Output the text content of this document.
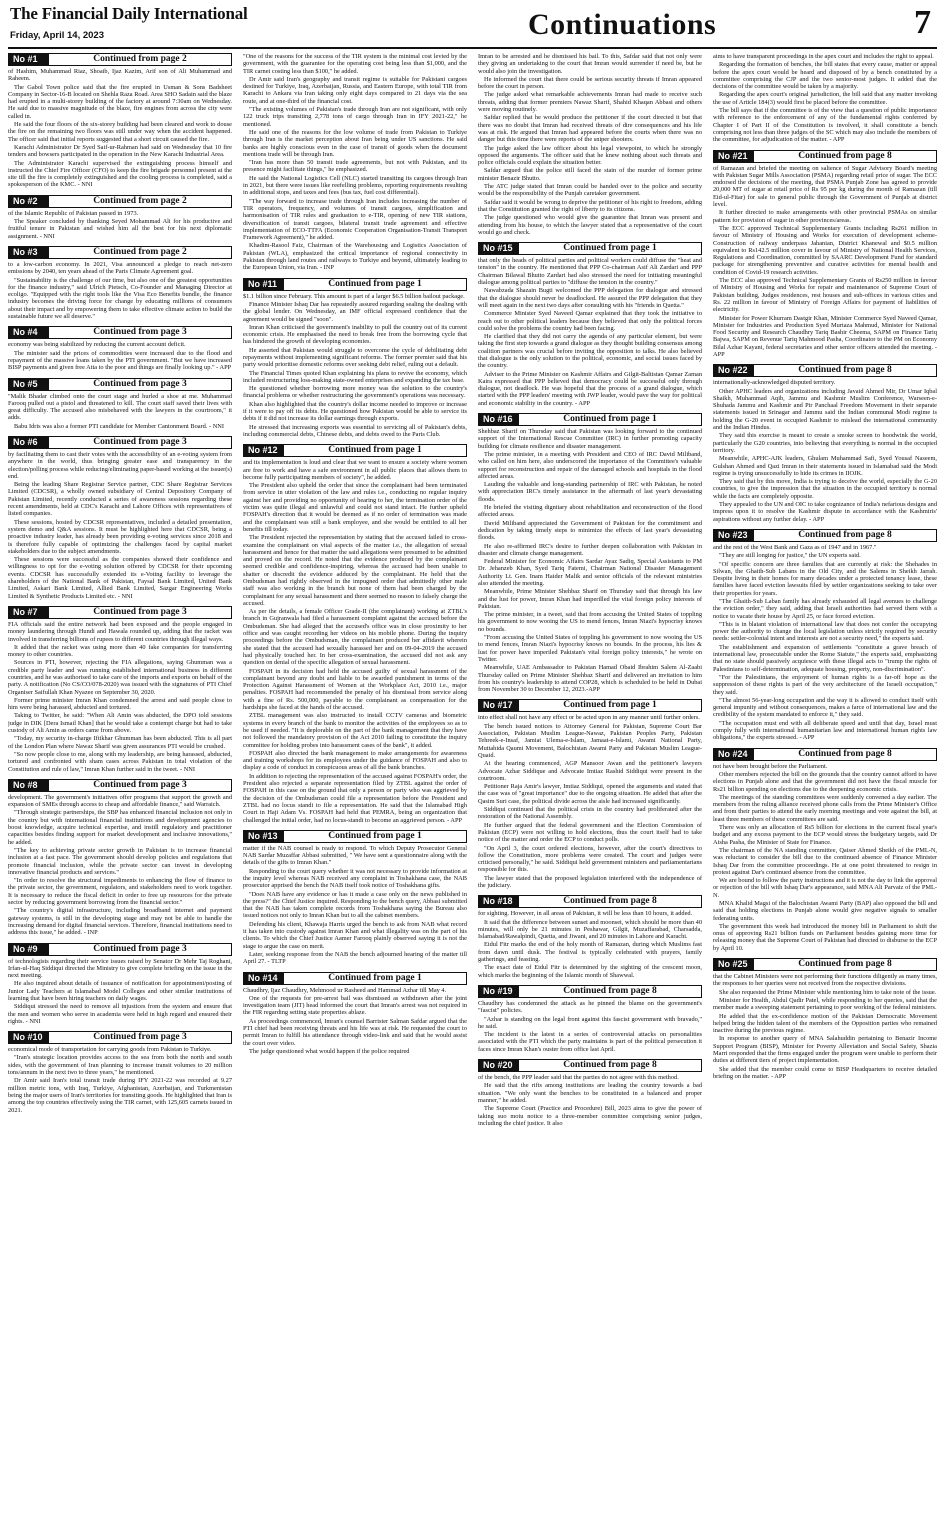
The Financial Daily International
Friday, April 14, 2023	Continuations	7
No #1	Continued from page 2

of Hashim, Muhammad Riaz, Shoaib, Ijaz Kazim, Arif son of Ali Muhammad and Raheem.

The Gabol Town police said that the fire erupted in Usman & Sons Badsheet Company in Sector-16-B located on Shehla Raza Road. Area SHO Sadain said the blaze had erupted in a multi-storey building of the factory at around 7:30am on Wednesday. He said due to massive magnitude of the blaze, fire engines from across the city were called in.

He said the four floors of the six-storey building had been cleared and work to douse the fire on the remaining two floors was still under way when the accident happened. The officer said that initial reports suggested that a short circuit caused the fire.

Karachi Administrator Dr Syed Saif-ur-Rahman had said on Wednesday that 10 fire tenders and bowsers participated in the operation in the New Karachi Industrial Area.

The Administrator Karachi supervised the extinguishing process himself and instructed the Chief Fire Officer (CFO) to keep the fire brigade personnel present at the site till the fire is completely extinguished and the cooling process is completed, said a spokesperson of the KMC. - NNI

No #2	Continued from page 2

of the Islamic Republic of Pakistan passed in 1973.

The Speaker concluded by thanking Seyed Mohammad Ali for his productive and fruitful tenure in Pakistan and wished him all the best for his next diplomatic assignment. - NNI

No #3	Continued from page 2

to a low-carbon economy. In 2021, Visa announced a pledge to reach net-zero emissions by 2040, ten years ahead of the Paris Climate Agreement goal.

"Sustainability is the challenge of our time, but also one of the greatest opportunities for the finance industry," said Ulrich Pietsch, Co-Founder and Managing Director at ecoligo. "Equipped with the right tools like the Visa Eco Benefits bundle, the finance industry becomes the driving force for change by educating millions of consumers about their impact and by empowering them to take effective climate action to build the sustainable future we all deserve."

No #4	Continued from page 3

economy was being stabilized by reducing the current account deficit.

The minister said the prices of commodities were increased due to the flood and repayment of the massive loans taken by the PTI government. "But we have increased BISP payments and given free Atta to the poor and things are finally looking up." - APP

No #5	Continued from page 3

"Malik Bhadar climbed onto the court stage and hurled a shoe at me. Muhammad Farooq pulled out a pistol and threatened to kill. The court staff saved their lives with great difficulty. The accused also misbehaved with the lawyers in the courtroom," it adds.

Babu Idris was also a former PTI candidate for Member Cantonment Board. - NNI

No #6	Continued from page 3

by facilitating them to cast their votes with the accessibility of an e-voting system from anywhere in the world, thus bringing greater ease and transparency in the election/polling process while reducing/eliminating paper-based working at the issuer(s) end.

Being the leading Share Registrar Service partner, CDC Share Registrar Services Limited (CDCSR), a wholly owned subsidiary of Central Depository Company of Pakistan Limited, recently conducted a series of awareness sessions regarding these recent amendments, held at CDC's Karachi and Lahore Offices with representatives of listed companies.

These sessions, hosted by CDCSR representatives, included a detailed presentation, system demo and Q&A sessions. It must be highlighted here that CDCSR, being a proactive industry leader, has already been providing e-voting services since 2018 and is therefore fully capable of optimizing the challenges faced by capital market stakeholders due to the subject amendments.

These sessions were successful as the companies showed their confidence and willingness to opt for the e-voting solution offered by CDCSR for their upcoming events. CDCSR has successfully extended its e-Voting facility to leverage the shareholders of the National Bank of Pakistan, Faysal Bank Limited, United Bank Limited, Askari Bank Limited, Allied Bank Limited, Sazgar Engineering Works Limited & Synthetic Products Limited etc. - NNI

No #7	Continued from page 3

FIA officials said the entire network had been exposed and the people engaged in money laundering through Hundi and Hawala rounded up, adding that the racket was involved in transferring billions of rupees to different countries through illegal ways.

It added that the racket was using more than 40 fake companies for transferring money to other countries.

Sources in PTI, however, rejecting the FIA allegations, saying Ghumman was a credible party leader and was running established international business in different countries, and he was authorised to take care of the imports and exports on behalf of the party. A notification (No CS/CO/078-2020) was issued with the signatures of PTI Chief Organiser Saifullah Khan Nyazee on September 30, 2020.

Former prime minister Imran Khan condemned the arrest and said people close to him were being harassed, abducted and tortured.

Taking to Twitter, he said: "When Ali Amin was abducted, the DPO told sessions judge in DIK [Dera Ismail Khan] that he would take a contempt charge but had to take custody of Ali Amin as orders came from above.

"Today, my security in-charge Iftikhar Ghumman has been abducted. This is all part of the London Plan where Nawaz Sharif was given assurances PTI would be crushed.

"So now people close to me, along with my leadership, are being harassed, abducted, tortured and confronted with sham cases across Pakistan in total violation of the Constitution and rule of law," Imran Khan further said in the tweet. - NNI

No #8	Continued from page 3

development. The government's initiatives offer programs that support the growth and expansion of SMEs through access to cheap and affordable finance," said Warraich.

"Through strategic partnerships, the SBP has enhanced financial inclusion not only in the country but with international financial institutions and development agencies to boost knowledge, acquire technical expertise, and instill regulatory and practitioner capacities besides finding support for market development and inclusive innovations," he added.

"The key to achieving private sector growth in Pakistan is to increase financial inclusion at a fast pace. The government should develop policies and regulations that promote financial inclusion, while the private sector can invest in developing innovative financial products and services."

"In order to resolve the structural impediments to enhancing the flow of finance to the private sector, the government, regulators, and stakeholders need to work together. It is necessary to reduce the fiscal deficit in order to free up resources for the private sector by reducing government borrowing from the financial sector."

"The country's digital infrastructure, including broadband internet and payment gateway systems, is still in the developing stage and may not be able to handle the increasing demand for digital financial services. Therefore, financial institutions need to address this issue," he added. - INP

No #9	Continued from page 3

of technologists regarding their service issues raised by Senator Dr Mehr Taj Roghani, Irfan-ul-Haq Siddiqui directed the Ministry to give complete briefing on the issue in the next meeting.

He also inquired about details of issuance of notification for appointment/posting of Junior Lady Teachers at Islamabad Model Colleges and other similar institutions of learning that have been hiring teachers on daily wages.

Siddiqui stressed the need to remove all injustices from the system and ensure that the men and women who serve in academia were held in high regard and ensured their rights. - NNI

No #10	Continued from page 3

economical mode of transportation for carrying goods from Pakistan to Turkiye.

"Iran's strategic location provides access to the sea from both the north and south sides, with the government of Iran planning to increase transit volumes to 20 million tons/annum in the next two to three years," he mentioned.

Dr Amir said Iran's total transit trade during IFY 2021-22 was recorded at 9.27 million metric tons, with Iraq, Turkiye, Afghanistan, Azerbaijan, and Turkmenistan being the major users of Iran's territories for transiting goods. He highlighted that Iran is among the top countries effectively using the TIR carnet, with 125,605 carnets issued in 2021.

"One of the reasons for the success of the TIR system is the minimal cost levied by the government, with the guarantee for the operating cost being less than $1,000, and the TIR carnet costing less than $100," he added.

Dr Amir said Iran's geography and transit regime is suitable for Pakistani cargoes destined for Turkiye, Iraq, Azerbaijan, Russia, and Eastern Europe, with total TIR from Karachi to Ankara via Iran taking only eight days compared to 21 days via the sea route, and at one-third of the financial cost.

"The existing volumes of Pakistan's trade through Iran are not significant, with only 122 truck trips transiting 2,778 tons of cargo through Iran in IFY 2021-22," he mentioned.

He said one of the reasons for the low volume of trade from Pakistan to Turkiye through Iran is the market perception about Iran being under US sanctions. He said banks are highly conscious even in the case of transit of goods when the document mentions trade will be through Iran.

"Iran has more than 50 transit trade agreements, but not with Pakistan, and its presence might facilitate things," he emphasized.

He said the National Logistics Cell (NLC) started transiting its cargoes through Iran in 2021, but there were issues like reefelling problems, reporting requirements resulting in additional stops, and taxes and fees (bus tax, fuel cost differential).

"The way forward to increase trade through Iran includes increasing the number of TIR operators, frequency, and volumes of transit cargoes, simplification and harmonisation of TIR rules and graduation to e-TIR, opening of new TIR stations, diversification of transit cargoes, bilateral transit trade agreement and effective implementation of ECO-TTFA (Economic Cooperation Organisation-Transit Transport Framework Agreement)," he added.

Khadim-Rasool Faiz, Chairman of the Warehousing and Logistics Association of Pakistan (WLA), emphasized the critical importance of regional connectivity in Pakistan through land routes and railways to Turkiye and beyond, ultimately leading to the European Union, via Iran. - INP

No #11	Continued from page 1

$1.1 billion since February. This amount is part of a larger $6.5 billion bailout package.

Finance Minister Ishaq Dar has repeatedly assured regarding sealing the dealing with the global lender. On Wednesday, an IMF official expressed confidence that the agreement would be signed "soon".

Imran Khan criticised the government's inability to pull the country out of its current economic crisis. He emphasised the need to break free from the borrowing cycle that has hindered the growth of developing economies.

He asserted that Pakistan would struggle to overcome the cycle of debilitating debt repayments without implementing significant reforms. The former premier said that his party would prioritise domestic reforms over seeking debt relief, ruling out a default.

The Financial Times quoted Khan explaining his plans to revive the economy, which included restructuring loss-making state-owned enterprises and expanding the tax base.

He questioned whether borrowing more money was the solution to the country's financial problems or whether restructuring the government's operations was necessary.

Khan also highlighted that the country's dollar income needed to improve or increase if it were to pay off its debts. He questioned how Pakistan would be able to service its debts if it did not increase its dollar earnings through exports.

He stressed that increasing exports was essential to servicing all of Pakistan's debts, including commercial debts, Chinese debts, and debts owed to the Paris Club.

No #12	Continued from page 1

and its implementation is loud and clear that we want to ensure a society where women are free to work and have a safe environment in all public places that allows them to become fully participating members of society", he added.

The President also upheld the order that since the complainant had been terminated from service in utter violation of the law and rules i.e., conducting no regular inquiry against her and providing no opportunity of hearing to her, the termination order of the victim was quite illegal and unlawful and could not stand intact. He further upheld FOSPAH's direction that it would be deemed as if no order of termination was made and the complainant was still a bank employee, and she would be entitled to all her benefits till today.

The President rejected the representation by stating that the accused failed to cross-examine the complainant on vital aspects of the matter i.e., the allegation of sexual harassment and hence for that matter the said allegations were presumed to be admitted and proved on the record. He noted that the evidence produced by the complainant seemed credible and confidence-inspiring, whereas the accused had been unable to shatter or discredit the evidence adduced by the complainant. He held that the Ombudsman had rightly observed in the impugned order that admittedly other male staff was also working in the branch but none of them had been charged by the complainant for any sexual harassment and there seemed no reason to falsely charge the accused.

As per the details, a female Officer Grade-II (the complainant) working at ZTBL's branch in Gujranwala had filed a harassment complaint against the accused before the Ombudsman. She had alleged that the accused's office was in close proximity to her office and was caught recording her videos on his mobile phone. During the inquiry proceedings before the Ombudsman, the complainant produced her affidavit wherein she stated that the accused had sexually harassed her and on 09-04-2019 the accused had physically touched her. In her cross-examination, the accused did not ask any question on denial of the specific allegation of sexual harassment.

FOSPAH in its decision had held the accused guilty of sexual harassment of the complainant beyond any doubt and liable to be awarded punishment in terms of the Protection Against Harassment of Women at the Workplace Act, 2010 i.e., major penalties. FOSPAH had recommended the penalty of his dismissal from service along with a fine of Rs. 500,000, payable to the complainant as compensation for the hardships she faced at the hands of the accused.

ZTBL management was also instructed to install CCTV cameras and biometric systems in every branch of the bank to monitor the activities of the employees so as to be used if needed. "It is deplorable on the part of the bank management that they have not followed the mandatory provision of the Act 2010 failing to constitute the inquiry committee for holding probes into harassment cases of the bank", it added.

FOSPAH also directed the bank management to make arrangements for awareness and training workshops for its employees under the guidance of FOSPAH and also to display a code of conduct in conspicuous areas of all the bank branches.

In addition to rejecting the representation of the accused against FOSPAH's order, the President also rejected a separate representation filed by ZTBL against the order of FOSPAH in this case on the ground that only a person or party who was aggrieved by the decision of the Ombudsman could file a representation before the President and ZTBL had no locus standi to file a representation. He said that the Islamabad High Court in Haji Adam Vs. FOSPAH had held that PEMRA, being an organization that challenged the initial order, had no locus-standi to become an aggrieved person. - APP

No #13	Continued from page 1

matter if the NAB counsel is ready to respond. To which Deputy Prosecutor General NAB Sardar Muzaffar Abbasi submitted, " We have sent a questionnaire along with the details of the gifts to Imran Khan."

Responding to the court query whether it was not necessary to provide information at the inquiry level whereas NAB received any complaint in Toshakhana case, the NAB prosecutor apprised the bench the NAB itself took notice of Toshakhana gifts.

"Does NAB have any evidence or has it made a case only on the news published in the press?" the Chief Justice inquired. Responding to the bench query, Abbasi submitted that the NAB has taken complete records from Toshakhana saying the Bureau also issued notices not only to Imran Khan but to all the cabinet members.

Defending his client, Khawaja Harris urged the bench to ask from NAB what record it has taken into custody against Imran Khan and what illegality was on the part of his clients. To which the Chief Justice Aamer Farooq plainly observed saying it is not the stage to argue the case on merit.

Later, seeking response from the NAB the bench adjourned hearing of the matter till April 27. - TLTP

No #14	Continued from page 1

Chaudhry, Ijaz Chaudhry, Mehmood ur Rasheed and Hammad Azhar till May 4.

One of the requests for pre-arrest bail was dismissed as withdrawn after the joint investigation team (JIT) head informed the court that Imran's arrest was not required in the FIR regarding setting state properties ablaze.

As proceedings commenced, Imran's counsel Barrister Salman Safdar argued that the PTI chief had been receiving threats and his life was at risk. He requested the court to permit Imran to fulfill his attendance through video-link and said that he would assist the court over video.

The judge questioned what would happen if the police required

Imran to be arrested and he dismissed his bail. To this, Safdar said that not only were they giving an undertaking to the court that Imran would surrender if need be, but he would also join the investigation.

He informed the court that there could be serious security threats if Imran appeared before the court in person.

The judge asked what remarkable achievements Imran had made to receive such threats, adding that former premiers Nawaz Sharif, Shahid Khaqan Abbasi and others were moving routinely.

Safdar replied that he would produce the petitioner if the court directed it but that there was no doubt that Imran had received threats of dire consequences and his life was at risk. He argued that Imran had appeared before the courts when there was no danger but this time there were reports of the sniper shooters.

The judge asked the law officer about his legal viewpoint, to which he strongly opposed the arguments. The officer said that he knew nothing about such threats and police officials could explain the situation better.

Safdar argued that the police still faced the stain of the murder of former prime minister Benazir Bhutto.

The ATC judge stated that Imran could be handed over to the police and security would be the responsibility of the Punjab caretaker government.

Safdar said it would be wrong to deprive the petitioner of his right to freedom, adding that the Constitution granted the right of liberty to its citizens.

The judge questioned who would give the guarantee that Imran was present and attending from his house, to which the lawyer stated that a representative of the court would go and check.

No #15	Continued from page 1

that only the heads of political parties and political workers could diffuse the "heat and tension" in the country. He mentioned that PPP Co-chairman Asif Ali Zardari and PPP Chairman Bilawal Bhutto Zardari had also stressed the need for initiating meaningful dialogue among political parties to "diffuse the tension in the country."

Nawabzada Shazain Bugti welcomed the PPP delegation for dialogue and stressed that the dialogue should never be deadlocked. He assured the PPP delegation that they will meet again in the next two days after consulting with his "friends in Quetta."

Commerce Minister Syed Naveed Qamar explained that they took the initiative to reach out to other political leaders because they believed that only the political forces could solve the problems the country had been facing.

He clarified that they did not carry the agenda of any particular element, but were taking the first step towards a grand dialogue as they thought building consensus among coalition partners was crucial before inviting the opposition to talks. He also believed that dialogue is the only solution to the political, economic, and social issues faced by the country.

Adviser to the Prime Minister on Kashmir Affairs and Gilgit-Baltistan Qamar Zaman Kaira expressed that PPP believed that democracy could be successful only through dialogue, not deadlock. He was hopeful that the process of a grand dialogue, which started with the PPP leaders' meeting with JWP leader, would pave the way for political and economic stability in the country. - APP

No #16	Continued from page 1

Shehbaz Sharif on Thursday said that Pakistan was looking forward to the continued support of the International Rescue Committee (IRC) in further promoting capacity building for climate resilience and disaster management.

The prime minister, in a meeting with President and CEO of IRC David Miliband, who called on him here, also underscored the importance of the Committee's valuable support for reconstruction and repair of the damaged schools and hospitals in the flood affected areas.

Lauding the valuable and long-standing partnership of IRC with Pakistan, he noted with appreciation IRC's timely assistance in the aftermath of last year's devastating floods.

He briefed the visiting dignitary about rehabilitation and reconstruction of the flood affected areas.

David Miliband appreciated the Government of Pakistan for the commitment and dedication by taking timely steps to minimize the effects of last year's devastating floods.

He also re-affirmed IRC's desire to further deepen collaboration with Pakistan in disaster and climate change management.

Federal Minister for Economic Affairs Sardar Ayaz Sadiq, Special Assistants to PM Dr. Jehanzeb Khan, Syed Tariq Fatemi, Chairman National Disaster Management Authority Lt. Gen. Inam Haider Malik and senior officials of the relevant ministries also attended the meeting.

Meanwhile, Prime Minister Shehbaz Sharif on Thursday said that through his law and the lust for power, Imran Khan had imperilled the vital foreign policy interests of Pakistan.

The prime minister, in a tweet, said that from accusing the United States of toppling his government to now wooing the US to mend fences, Imran Niazi's hypocrisy knows no bounds.

"From accusing the United States of toppling his government to now wooing the US to mend fences, Imran Niazi's hypocrisy knows no bounds. In the process, his lies & lust for power have imperiled Pakistan's vital foreign policy interests," he wrote on Twitter.

Meanwhile, UAE Ambassador to Pakistan Hamad Obaid Ibrahim Salem Al-Zaabi Thursday called on Prime Minister Shehbaz Sharif and delivered an invitation to him from his country's leadership to attend COP28, which is scheduled to be held in Dubai from November 30 to December 12, 2023.-APP

No #17	Continued from page 1

into effect shall not have any effect or be acted upon in any manner until further orders.

The bench issued notices to Attorney General for Pakistan, Supreme Court Bar Association, Pakistan Muslim League-Nawaz, Pakistan Peoples Party, Pakistan Tehreek-e-Insaf, Jamiat Ulema-e-Islam, Jamaat-e-Islami, Awami National Party, Muttahida Qaumi Movement, Balochistan Awami Party and Pakistan Muslim League-Quaid.

At the hearing commenced, AGP Mansoor Awan and the petitioner's lawyers Advocate Azhar Siddique and Advocate Imtiaz Rashid Siddiqui were present in the courtroom.

Petitioner Raja Amir's lawyer, Imtiaz Siddiqui, opened the arguments and stated that the case was of "great importance" due to the ongoing situation. He added that after the Qasim Suri case, the political divide across the aisle had increased significantly.

Siddiqui continued that the political crisis in the country had proliferated after the restoration of the National Assembly.

He further argued that the federal government and the Election Commission of Pakistan (ECP) were not willing to hold elections, thus the court itself had to take notice of the matter and order the ECP to conduct polls.

"On April 3, the court ordered elections, however, after the court's directives to follow the Constitution, more problems were created. The court and judges were criticised personally," he said. Siddiqui held government ministers and parliamentarians responsible for this.

The lawyer stated that the proposed legislation interfered with the independence of the judiciary.

No #18	Continued from page 8

for sighting. However, in all areas of Pakistan, it will be less than 10 hours, it added.

It said that the difference between sunset and moonset, which should be more than 40 minutes, will only be 21 minutes in Peshawar, Gilgit, Muzaffarabad, Charsadda, Islamabad/Rawalpindi, Quetta, and Jiwani, and 20 minutes in Lahore and Karachi.

Eidul Fitr marks the end of the holy month of Ramazan, during which Muslims fast from dawn until dusk. The festival is typically celebrated with prayers, family gatherings, and feasting.

The exact date of Eidul Fitr is determined by the sighting of the crescent moon, which marks the beginning of the Islamic month of Shawwal.

No #19	Continued from page 8

Chaudhry has condemned the attack as he pinned the blame on the government's "fascist" policies.

"Azhar is standing on the legal front against this fascist government with bravado," he said.

The incident is the latest in a series of controversial attacks on personalities associated with the PTI which the party maintains is part of the political persecution it faces since Imran Khan's ouster from office last April.

No #20	Continued from page 8

of the bench, the PPP leader said that the parties do not agree with this method.

He said that the rifts among institutions are leading the country towards a bad situation. "We only want the benches to be constituted in a balanced and proper manner," he added.

The Supreme Court (Practice and Procedure) Bill, 2023 aims to give the power of taking suo motu notice to a three-member committee comprising senior judges, including the chief justice. It also

aims to have transparent proceedings in the apex court and includes the right to appeal.

Regarding the formation of benches, the bill states that every cause, matter or appeal before the apex court would be heard and disposed of by a bench constituted by a committee comprising the CJP and the two senior-most judges. It added that the decisions of the committee would be taken by a majority.

Regarding the apex court's original jurisdiction, the bill said that any matter invoking the use of Article 184(3) would first be placed before the committee.

The bill says that if the committee is of the view that a question of public importance with reference to the enforcement of any of the fundamental rights conferred by Chapter I of Part II of the Constitution is involved, it shall constitute a bench comprising not less than three judges of the SC which may also include the members of the committee, for adjudication of the matter. - APP

No #21	Continued from page 8

of Ramazan and briefed the meeting on salience of Sugar Advisory Board's meeting with Pakistan Sugar Mills Association (PSMA) regarding retail price of sugar. The ECC endorsed the decisions of the meeting, that PSMA Punjab Zone has agreed to provide 20,000 MT of sugar at retail price of Rs 95 per kg during the month of Ramazan (till Eid-ul-Fitar) for sale to general public through the Government of Punjab at district level.

It further directed to make arrangements with other provincial PSMAs on similar pattern for provision of sugar in other provinces/areas.

The ECC approved Technical Supplementary Grants including Rs261 million in favour of Ministry of Housing and Works for execution of development scheme-Construction of railway underpass Jahanian, District Khanewal and $0.5 million equivalent to Rs142.5 million cover in favour of Ministry of National Health Services, Regulations and Coordination, committed by SAARC Development Fund for standard package for strengthening preventive and curative activities for mental health and condition of Covid-19 research activities.

The ECC also approved Technical Supplementary Grants of Rs250 million in favour of Ministry of Housing and Works for repair and maintenance of Supreme Court of Pakistan building, Judges residences, rest houses and sub-offices in various cities and Rs. 22 million in favour of Ministry of Foreign Affairs for payment of liabilities of electricity.

Minister for Power Khurram Dastgir Khan, Minister Commerce Syed Naveed Qamar, Minister for Industries and Production Syed Murtaza Mahmud, Minister for National Food Security and Research Chaudhry Tariq Bashir Cheema, SAPM on Finance Tariq Bajwa, SAPM on Revenue Tariq Mahmood Pasha, Coordinator to the PM on Economy Bilal Azhar Kayani, federal secretaries and other senior officers attended the meeting. - APP

No #22	Continued from page 8

internationally-acknowledged disputed territory.

Other APHC leaders and organizations including Javaid Ahmed Mir, Dr Umar Iqbal Shaikh, Muhammad Aqib, Jammu and Kashmir Muslim Conference, Warseen-e-Shuhada Jammu and Kashmir and Pir Panchaal Freedom Movement in their separate statements issued in Srinagar and Jammu said the Indian communal Modi regime is holding the G-20 event in occupied Kashmir to mislead the international community and the Indian Hindus.

They said this exercise is meant to create a smoke screen to hoodwink the world, particularly the G20 countries, into believing that everything is normal in the occupied territory.

Meanwhile, APHC-AJK leaders, Ghulam Muhammad Safi, Syed Yousaf Naseem, Gulshan Ahmed and Qazi Imran in their statements issued in Islamabad said the Modi regime is trying unsuccessfully to hide its crimes in IIOJK.

They said that by this move, India is trying to deceive the world, especially the G-20 countries, to give the impression that the situation in the occupied territory is normal while the facts are completely opposite.

They appealed to the UN and OIC to take cognizance of India's nefarious designs and impress upon it to resolve the Kashmir dispute in accordance with the Kashmiris' aspirations without any further delay. - APP

No #23	Continued from page 8

and the rest of the West Bank and Gaza as of 1947 and in 1967."

"They are still longing for justice," the UN experts said.

"Of specific concern are three families that are currently at risk: the Shehades in Silwan, the Ghaith-Sub Labans in the Old City, and the Salems in Sheikh Jarrah. Despite living in their homes for many decades under a protected tenancy lease, these families have faced eviction lawsuits filed by settler organizations seeking to take over their properties for years.

"The Ghaith-Sub Laban family has already exhausted all legal avenues to challenge the eviction order," they said, adding that Israeli authorities had served them with a notice to vacate their house by April 25, or face forced eviction.

"This is in blatant violation of international law that does not confer the occupying power the authority to change the local legislation unless strictly required by security needs: settler-colonial intent and interests are not a security need," the experts said.

The establishment and expansion of settlements "constitute a grave breach of international law, prosecutable under the Rome Statute," the experts said, emphasizing that no state should passively acquiesce with these illegal acts to "trump the rights of Palestinians to self-determination, adequate housing, property, non-discrimination".

"For the Palestinians, the enjoyment of human rights is a far-off hope as the suppression of these rights is part of the very architecture of the Israeli occupation," they said.

"The almost 56-year-long occupation and the way it is allowed to conduct itself with general impunity and without consequences, makes a farce of international law and the credibility of the system mandated to enforce it," they said.

"The occupation must end with all deliberate speed and until that day, Israel must comply fully with international humanitarian law and international human rights law obligations," the experts stressed. - APP

No #24	Continued from page 8

not have been brought before the Parliament.

Other members rejected the bill on the grounds that the country cannot afford to have elections in Punjab alone and that the government did not have the fiscal muscle for Rs21 billion spending on elections due to the deepening economic crisis.

The meetings of the standing committees were suddenly convened a day earlier. The members from the ruling alliance received phone calls from the Prime Minister's Office and from their parties to attend the early morning meetings and vote against the bill, at least three members of these committees are said.

There was only an allocation of Rs5 billion for elections in the current fiscal year's budget and any excess payment to the ECP would stress the budgetary targets, said Dr Aisha Pasha, the Minister of State for Finance.

The chairman of the NA standing committee, Qaiser Ahmed Sheikh of the PML-N, was reluctant to consider the bill due to the continued absence of Finance Minister Ishaq Dar from the committee proceedings. He at one point threatened to resign in protest against Dar's continued absence from the committee.

We are bound to follow the party instructions and it is not the day to link the approval or rejection of the bill with Ishaq Dar's appearance, said MNA Ali Parvaiz of the PML-N.

MNA Khalid Magsi of the Balochistan Awami Party (BAP) also opposed the bill and said that holding elections in Punjab alone would give negative signals to smaller federating units.

The government this week had introduced the money bill in Parliament to shift the onus of approving Rs21 billion funds on Parliament besides gaining more time for releasing money that the Supreme Court of Pakistan had directed to disburse to the ECP by April 10.

No #25	Continued from page 8

that the Cabinet Ministers were not performing their functions diligently as many times, the responses to her queries were not received from the respective divisions.

She also requested the Prime Minister while mentioning him to take note of the issue.

Minister for Health, Abdul Qadir Patel, while responding to her queries, said that the member made a sweeping statement pertaining to poor working of the federal ministers.

He added that the ex-confidence motion of the Pakistan Democratic Movement helped bring the hidden talent of the members of the Opposition parties who remained inactive during the previous regime.

In response to another query of MNA Salahuddin pertaining to Benazir Income Support Program (BISP), Minister for Poverty Alleviation and Social Safety, Shazia Marri responded that the firms engaged under the program were unable to perform their duties at different tiers of project implementation.

She added that the member could come to BISP Headquarters to receive detailed briefing on the matter. - APP
